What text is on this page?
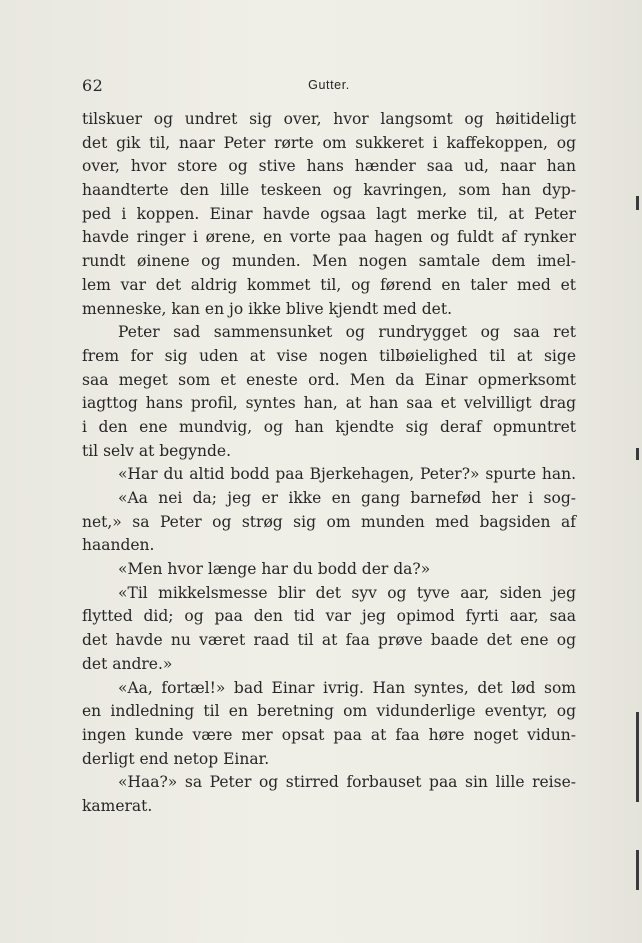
62	Gutter.
tilskuer og undret sig over, hvor langsomt og høitideligt
det gik til, naar Peter rørte om sukkeret i kaffekoppen, og
over, hvor store og stive hans hænder saa ud, naar han
haandterte den lille teskeen og kavringen, som han dyp-
ped i koppen. Einar havde ogsaa lagt merke til, at Peter
havde ringer i ørene, en vorte paa hagen og fuldt af rynker
rundt øinene og munden. Men nogen samtale dem imel-
lem var det aldrig kommet til, og førend en taler med et
menneske, kan en jo ikke blive kjendt med det.
Peter sad sammensunket og rundrygget og saa ret
frem for sig uden at vise nogen tilbøielighed til at sige
saa meget som et eneste ord. Men da Einar opmerksomt
iagttog hans profil, syntes han, at han saa et velvilligt drag
i den ene mundvig, og han kjendte sig deraf opmuntret
til selv at begynde.
«Har du altid bodd paa Bjerkehagen, Peter?» spurte han.
«Aa nei da; jeg er ikke en gang barnefød her i sog-
net,» sa Peter og strøg sig om munden med bagsiden af
haanden.
«Men hvor længe har du bodd der da?»
«Til mikkelsmesse blir det syv og tyve aar, siden jeg
flytted did; og paa den tid var jeg opimod fyrti aar, saa
det havde nu været raad til at faa prøve baade det ene og
det andre.»
«Aa, fortæl!» bad Einar ivrig. Han syntes, det lød som
en indledning til en beretning om vidunderlige eventyr, og
ingen kunde være mer opsat paa at faa høre noget vidun-
derligt end netop Einar.
«Haa?» sa Peter og stirred forbauset paa sin lille reise-
kamerat.
